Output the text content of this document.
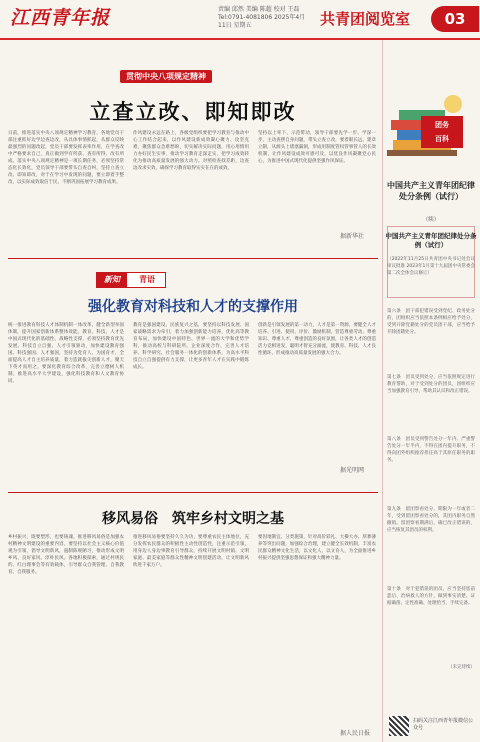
江西青年报	责编 邱然 美编 陈超 校对 王磊
Tel:0791-4081806 2025年4月11日 星期五	共青团阅览室	03
贯彻中央八项规定精神
立查立改、即知即改
日前，推进落实中央八项规定精神学习教育，各地党员干部注重抓好边学边查边改，从具体事情抓起，从群众反映最强烈的问题改起，党员干部要发挥表率作用，在学查改中严格要求自己，真正做到学有所获、查有所得、改有所成。落实中央八项规定精神是一项长期任务，必须坚持常态化长效化，党员领导干部要带头自查自纠，坚持立查立改、即知即改，对于在学习中发现的问题，要立即着手整改，以实际成效取信于民，不断巩固拓展学习教育成果。
作风建设永远在路上，各级党组织要把学习教育与推动中心工作结合起来，以作风建设新成效凝心聚力、攻坚克难，聚焦群众急难愁盼，切实解决实际问题，用心用情用力办好民生实事，推动学习教育走深走实，把学习成效转化为推动高质量发展的强大动力。对照检查找差距，边查边改求实效，确保学习教育取得实实在在的成效。
坚持以上率下、示范带动，领导干部要先学一步、学深一步，主动查摆自身问题，带头立查立改，要着眼长远、建章立制，从源头上堵塞漏洞，形成用制度管权管事管人的长效机制，让作风建设成效可感可及，以优良作风凝聚党心民心，为推进中国式现代化提供坚强作风保证。
据新华社
新知	青语
强化教育对科技和人才的支撑作用
统一推进教育科技人才体制机制一体改革，健全新型举国体制，提升国家创新体系整体效能。教育、科技、人才是中国式现代化的基础性、战略性支撑，必须坚持教育优先发展、科技自立自强、人才引领驱动，加快建设教育强国、科技强国、人才强国，坚持为党育人、为国育才，全面提高人才自主培养质量，着力造就拔尖创新人才，聚天下英才而用之。要深化教育综合改革，完善立德树人机制，推进高水平大学建设，强化科技教育和人文教育协同。
教育是强国建设、民族复兴之基，要坚持以科技发展、国家战略需求为牵引，着力加强创新能力培养，优化高等教育布局，加快建设中国特色、世界一流的大学和优势学科，推动高校与科研院所、企业深度合作，完善人才培养、科学研究、社会服务一体化的创新体系，为高水平科技自立自强提供有力支撑，让更多青年人才在实践中锻炼成长。
创新是引领发展的第一动力，人才是第一资源，要健全人才培养、引进、使用、评价、激励机制，营造尊重劳动、尊重知识、尊重人才、尊重创造的良好氛围，让各类人才的创造活力竞相迸发，聪明才智充分涌流，使教育、科技、人才良性循环，形成推动高质量发展的强大合力。
据光明网
移风易俗　筑牢乡村文明之基
乡村振兴，既要塑形，也要铸魂。推进移风易俗是加强农村精神文明建设的重要内容，要坚持以社会主义核心价值观为引领，倡导文明新风，遏制陈规陋习，推动形成文明乡风、良好家风、淳朴民风。各地积极探索，通过村规民约、红白理事会等有效载体，引导群众自我管理、自我教育、自我服务。
推进移风易俗要坚持久久为功，要尊重农民主体地位，充分发挥农民群众的积极性主动性创造性，注重示范引领，用身边人身边事教育引导群众，持续开展文明村镇、文明家庭、最美家庭等群众性精神文明创建活动，让文明新风吹进千家万户。
要因地制宜、分类施策，针对高价彩礼、大操大办、厚葬薄养等突出问题，加强综合治理，建立健全长效机制，丰富农民群众精神文化生活，以文化人、以文育人，为全面推进乡村振兴提供坚强思想保证和强大精神力量。
据人民日报
团务
百科
中国共产主义青年团纪律处分条例（试行）
（续）
中国共产主义青年团纪律处分条例（试行）
（2022年11月25日共青团中央书记处会议审议批准 2023年1月第十九届团中央常委会第二次全体会议修订）
第六条　团干部犯错误受到党纪、政务处分的，团组织应当依照本条例相应给予处分，受到开除党籍处分的党员团干部，应当给予开除团籍处分。
第七条　团员受到处分，应当依照规定进行教育帮助，对于受到处分的团员，团组织应当加强教育引导，帮助其认识和改正错误。
第八条　团员受到警告处分一年内、严重警告处分一年半内，不得在团内提升职务，不得向团外组织推荐担任高于其原任职务的职务。
第九条　留团察看处分，期限为一年或者二年，受到留团察看处分的，其团内职务自然撤销。留团察看期满后，确已改正错误的，应当恢复其团员的权利。
第十条　对于犯错误的团员，应当坚持惩前毖后、治病救人的方针，做到事实清楚、证据确凿、定性准确、处理恰当、手续完备。
（未完待续）
扫码关注江西青年报微信公众号
